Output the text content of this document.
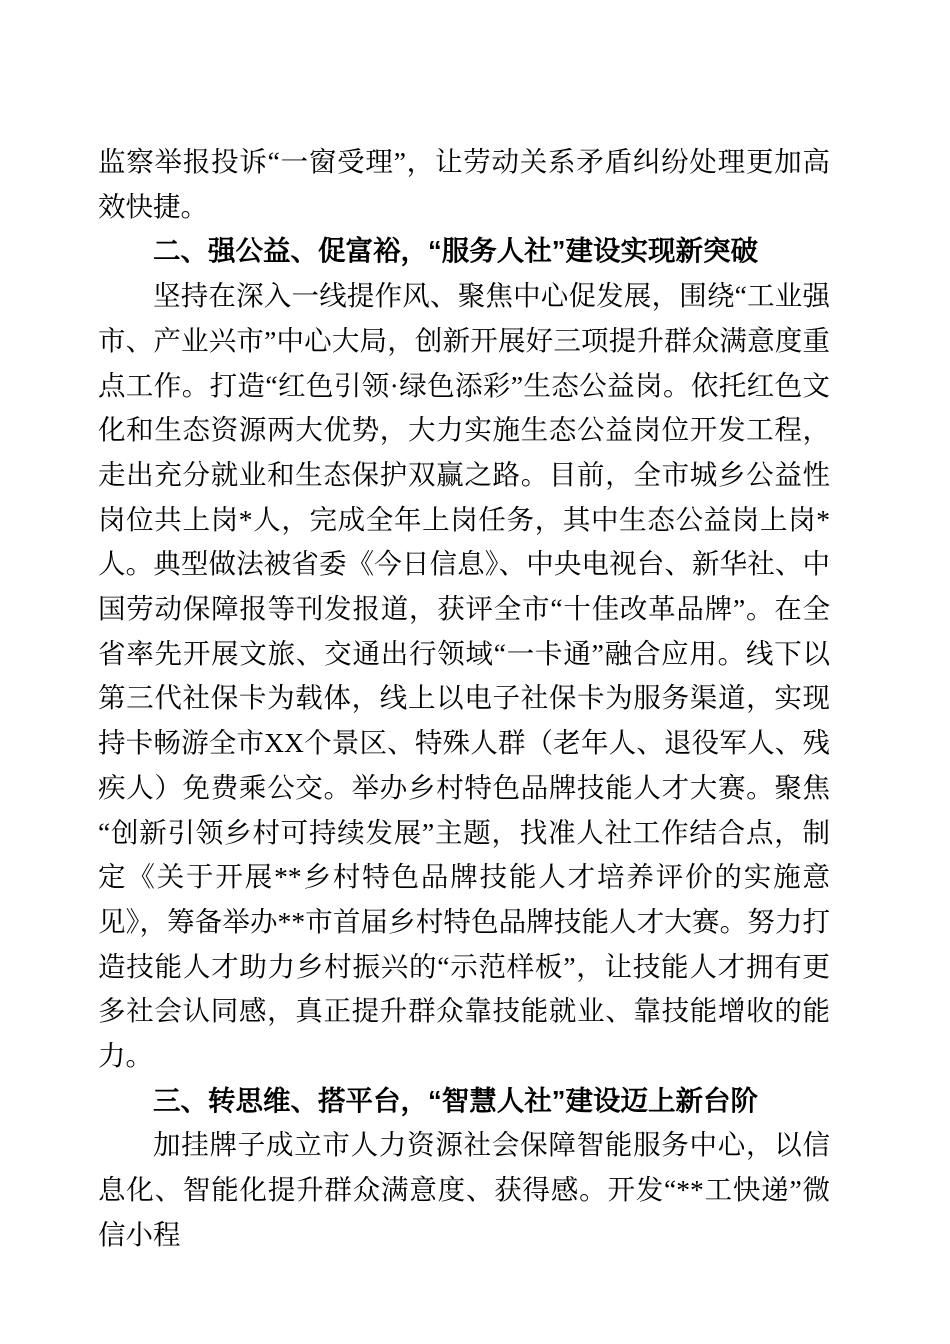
监察举报投诉“一窗受理”，让劳动关系矛盾纠纷处理更加高效快捷。
二、强公益、促富裕，“服务人社”建设实现新突破
坚持在深入一线提作风、聚焦中心促发展，围绕“工业强市、产业兴市”中心大局，创新开展好三项提升群众满意度重点工作。打造“红色引领·绿色添彩”生态公益岗。依托红色文化和生态资源两大优势，大力实施生态公益岗位开发工程，走出充分就业和生态保护双赢之路。目前，全市城乡公益性岗位共上岗*人，完成全年上岗任务，其中生态公益岗上岗*人。典型做法被省委《今日信息》、中央电视台、新华社、中国劳动保障报等刊发报道，获评全市“十佳改革品牌”。在全省率先开展文旅、交通出行领域“一卡通”融合应用。线下以第三代社保卡为载体，线上以电子社保卡为服务渠道，实现持卡畅游全市XX个景区、特殊人群（老年人、退役军人、残疾人）免费乘公交。举办乡村特色品牌技能人才大赛。聚焦“创新引领乡村可持续发展”主题，找准人社工作结合点，制定《关于开展**乡村特色品牌技能人才培养评价的实施意见》，筹备举办**市首届乡村特色品牌技能人才大赛。努力打造技能人才助力乡村振兴的“示范样板”，让技能人才拥有更多社会认同感，真正提升群众靠技能就业、靠技能增收的能力。
三、转思维、搭平台，“智慧人社”建设迈上新台阶
加挂牌子成立市人力资源社会保障智能服务中心，以信息化、智能化提升群众满意度、获得感。开发“**工快递”微信小程
